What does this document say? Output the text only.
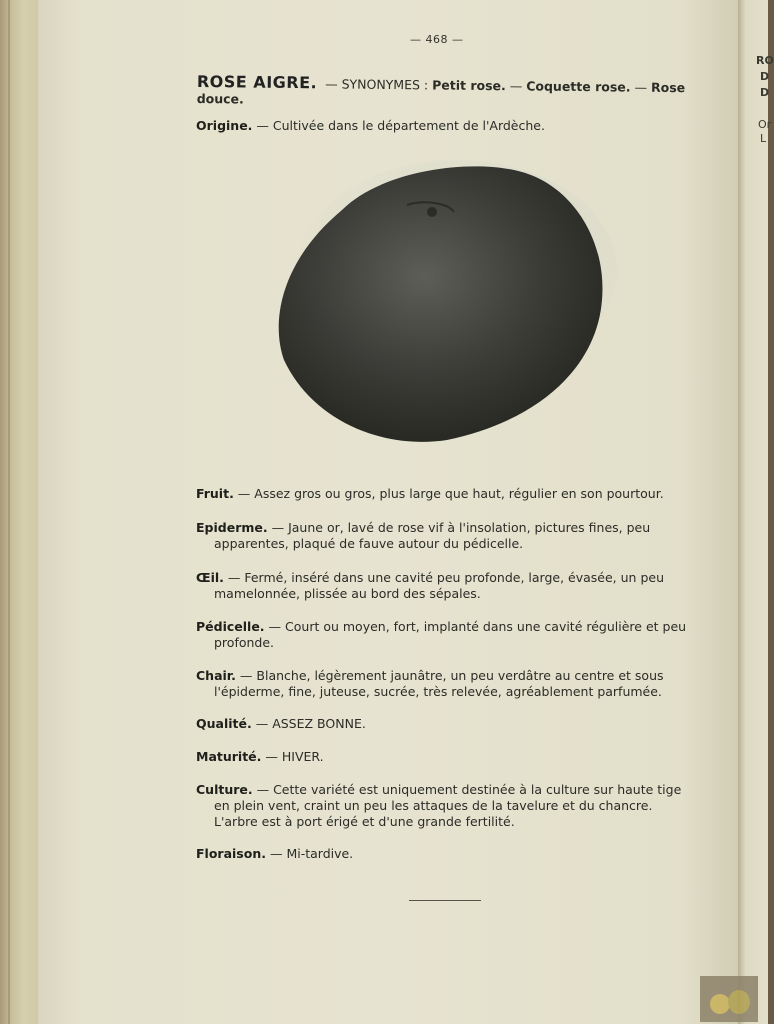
RO
D
D
Or
L
— 468 —
ROSE AIGRE. — SYNONYMES : Petit rose. — Coquette rose. — Rose douce.
Origine. — Cultivée dans le département de l'Ardèche.
Fruit. — Assez gros ou gros, plus large que haut, régulier en son pourtour.
Epiderme. — Jaune or, lavé de rose vif à l'insolation, pictures fines, peu apparentes, plaqué de fauve autour du pédicelle.
Œil. — Fermé, inséré dans une cavité peu profonde, large, évasée, un peu mamelonnée, plissée au bord des sépales.
Pédicelle. — Court ou moyen, fort, implanté dans une cavité régulière et peu profonde.
Chair. — Blanche, légèrement jaunâtre, un peu verdâtre au centre et sous l'épiderme, fine, juteuse, sucrée, très relevée, agréablement parfumée.
Qualité. — ASSEZ BONNE.
Maturité. — HIVER.
Culture. — Cette variété est uniquement destinée à la culture sur haute tige en plein vent, craint un peu les attaques de la tavelure et du chancre. L'arbre est à port érigé et d'une grande fertilité.
Floraison. — Mi-tardive.
